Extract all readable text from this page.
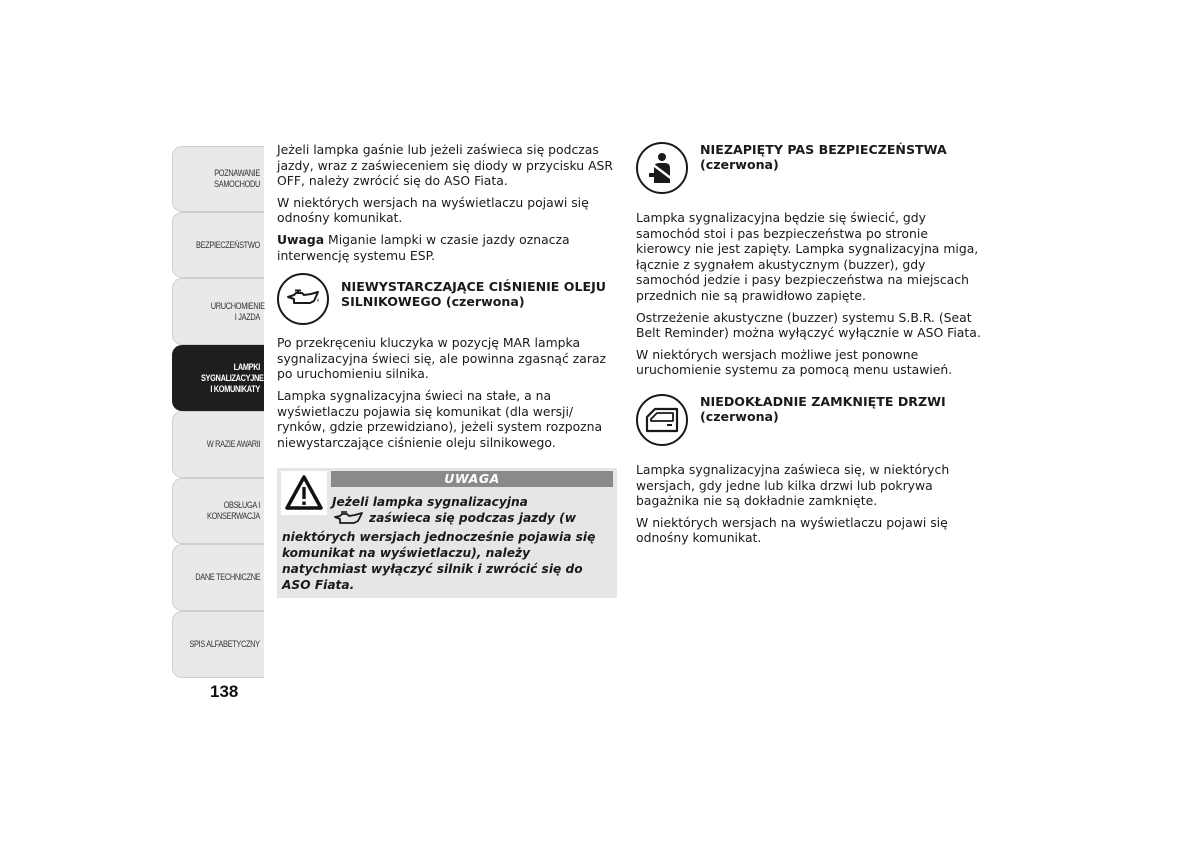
POZNAWANIE SAMOCHODU
BEZPIECZEŃSTWO
URUCHOMIENIE I JAZDA
LAMPKI SYGNALIZACYJNE I KOMUNIKATY
W RAZIE AWARII
OBSŁUGA I KONSERWACJA
DANE TECHNICZNE
SPIS ALFABETYCZNY
138

Jeżeli lampka gaśnie lub jeżeli zaświeca się podczas jazdy, wraz z zaświeceniem się diody w przycisku ASR OFF, należy zwrócić się do ASO Fiata.

W niektórych wersjach na wyświetlaczu pojawi się odnośny komunikat.

Uwaga Miganie lampki w czasie jazdy oznacza interwencję systemu ESP.

NIEWYSTARCZAJĄCE CIŚNIENIE OLEJU SILNIKOWEGO (czerwona)

Po przekręceniu kluczyka w pozycję MAR lampka sygnalizacyjna świeci się, ale powinna zgasnąć zaraz po uruchomieniu silnika.

Lampka sygnalizacyjna świeci na stałe, a na wyświetlaczu pojawia się komunikat (dla wersji/ rynków, gdzie przewidziano), jeżeli system rozpozna niewystarczające ciśnienie oleju silnikowego.

UWAGA
Jeżeli lampka sygnalizacyjna
zaświeca się podczas jazdy (w
niektórych wersjach jednocześnie pojawia się komunikat na wyświetlaczu), należy natychmiast wyłączyć silnik i zwrócić się do ASO Fiata.
NIEZAPIĘTY PAS BEZPIECZEŃSTWA (czerwona)

Lampka sygnalizacyjna będzie się świecić, gdy samochód stoi i pas bezpieczeństwa po stronie kierowcy nie jest zapięty. Lampka sygnalizacyjna miga, łącznie z sygnałem akustycznym (buzzer), gdy samochód jedzie i pasy bezpieczeństwa na miejscach przednich nie są prawidłowo zapięte.

Ostrzeżenie akustyczne (buzzer) systemu S.B.R. (Seat Belt Reminder) można wyłączyć wyłącznie w ASO Fiata.

W niektórych wersjach możliwe jest ponowne uruchomienie systemu za pomocą menu ustawień.

NIEDOKŁADNIE ZAMKNIĘTE DRZWI (czerwona)

Lampka sygnalizacyjna zaświeca się, w niektórych wersjach, gdy jedne lub kilka drzwi lub pokrywa bagażnika nie są dokładnie zamknięte.

W niektórych wersjach na wyświetlaczu pojawi się odnośny komunikat.
